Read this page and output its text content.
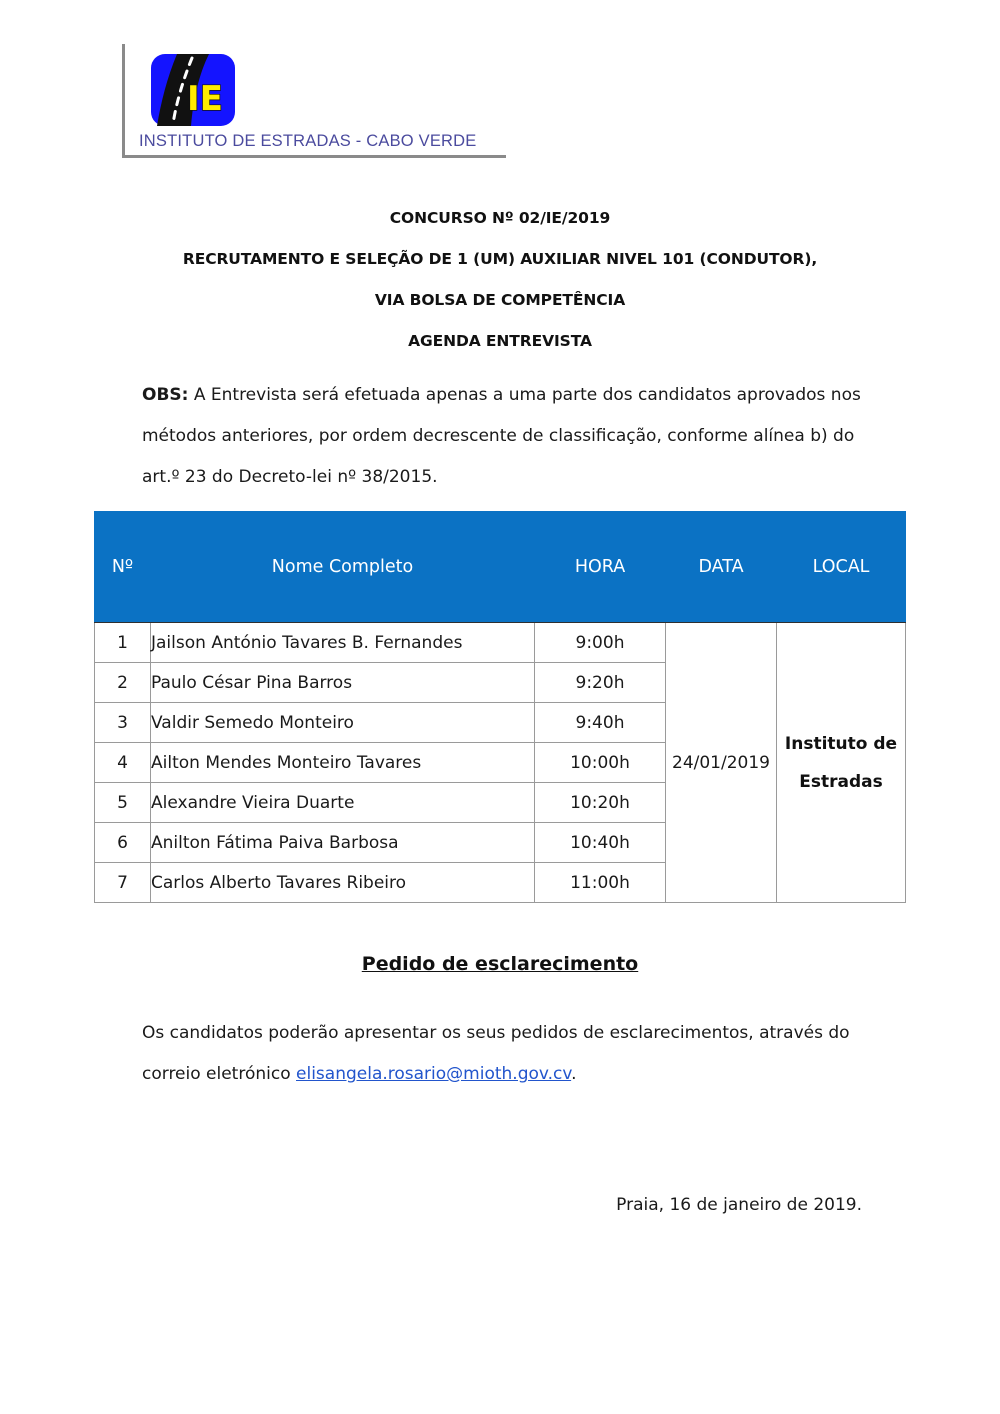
IE
INSTITUTO DE ESTRADAS - CABO VERDE
CONCURSO Nº 02/IE/2019
RECRUTAMENTO E SELEÇÃO DE 1 (UM) AUXILIAR NIVEL 101 (CONDUTOR),
VIA BOLSA DE COMPETÊNCIA
AGENDA ENTREVISTA
OBS: A Entrevista será efetuada apenas a uma parte dos candidatos aprovados nos métodos anteriores, por ordem decrescente de classificação, conforme alínea b) do art.º 23 do Decreto-lei nº 38/2015.
Nº	Nome Completo	HORA	DATA	LOCAL
1	Jailson António Tavares B. Fernandes	9:00h	24/01/2019	Instituto de
Estradas

2	Paulo César Pina Barros	9:20h		
3	Valdir Semedo Monteiro	9:40h		
4	Ailton Mendes Monteiro Tavares	10:00h		
5	Alexandre Vieira Duarte	10:20h		
6	Anilton Fátima Paiva Barbosa	10:40h		
7	Carlos Alberto Tavares Ribeiro	11:00h		
Pedido de esclarecimento
Os candidatos poderão apresentar os seus pedidos de esclarecimentos, através do correio eletrónico elisangela.rosario@mioth.gov.cv.
Praia, 16 de janeiro de 2019.
